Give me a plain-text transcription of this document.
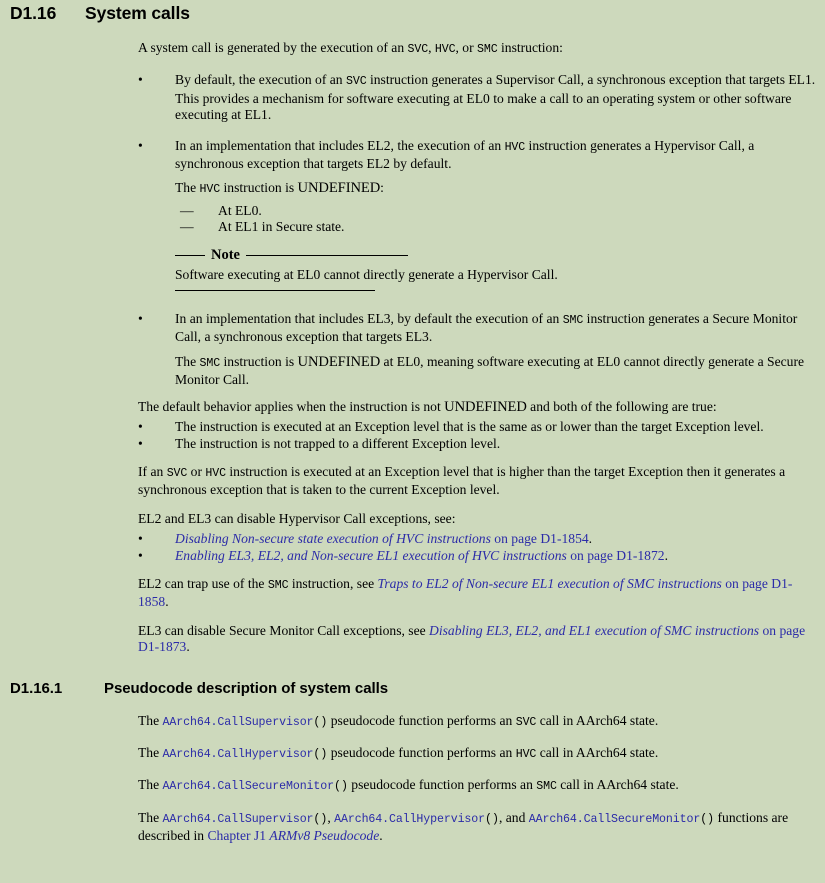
D1.16	System calls

A system call is generated by the execution of an SVC, HVC, or SMC instruction:

•	By default, the execution of an SVC instruction generates a Supervisor Call, a synchronous exception that targets EL1. This provides a mechanism for software executing at EL0 to make a call to an operating system or other software executing at EL1.
•	In an implementation that includes EL2, the execution of an HVC instruction generates a Hypervisor Call, a synchronous exception that targets EL2 by default.
The HVC instruction is UNDEFINED:
—	At EL0.
—	At EL1 in Secure state.
Note
Software executing at EL0 cannot directly generate a Hypervisor Call.
•	In an implementation that includes EL3, by default the execution of an SMC instruction generates a Secure Monitor Call, a synchronous exception that targets EL3.
The SMC instruction is UNDEFINED at EL0, meaning software executing at EL0 cannot directly generate a Secure Monitor Call.

The default behavior applies when the instruction is not UNDEFINED and both of the following are true:

•	The instruction is executed at an Exception level that is the same as or lower than the target Exception level.
•	The instruction is not trapped to a different Exception level.

If an SVC or HVC instruction is executed at an Exception level that is higher than the target Exception then it generates a synchronous exception that is taken to the current Exception level.

EL2 and EL3 can disable Hypervisor Call exceptions, see:

•	Disabling Non-secure state execution of HVC instructions on page D1-1854.
•	Enabling EL3, EL2, and Non-secure EL1 execution of HVC instructions on page D1-1872.

EL2 can trap use of the SMC instruction, see Traps to EL2 of Non-secure EL1 execution of SMC instructions on page D1-1858.

EL3 can disable Secure Monitor Call exceptions, see Disabling EL3, EL2, and EL1 execution of SMC instructions on page D1-1873.

D1.16.1	Pseudocode description of system calls

The AArch64.CallSupervisor() pseudocode function performs an SVC call in AArch64 state.

The AArch64.CallHypervisor() pseudocode function performs an HVC call in AArch64 state.

The AArch64.CallSecureMonitor() pseudocode function performs an SMC call in AArch64 state.

The AArch64.CallSupervisor(), AArch64.CallHypervisor(), and AArch64.CallSecureMonitor() functions are described in Chapter J1 ARMv8 Pseudocode.
